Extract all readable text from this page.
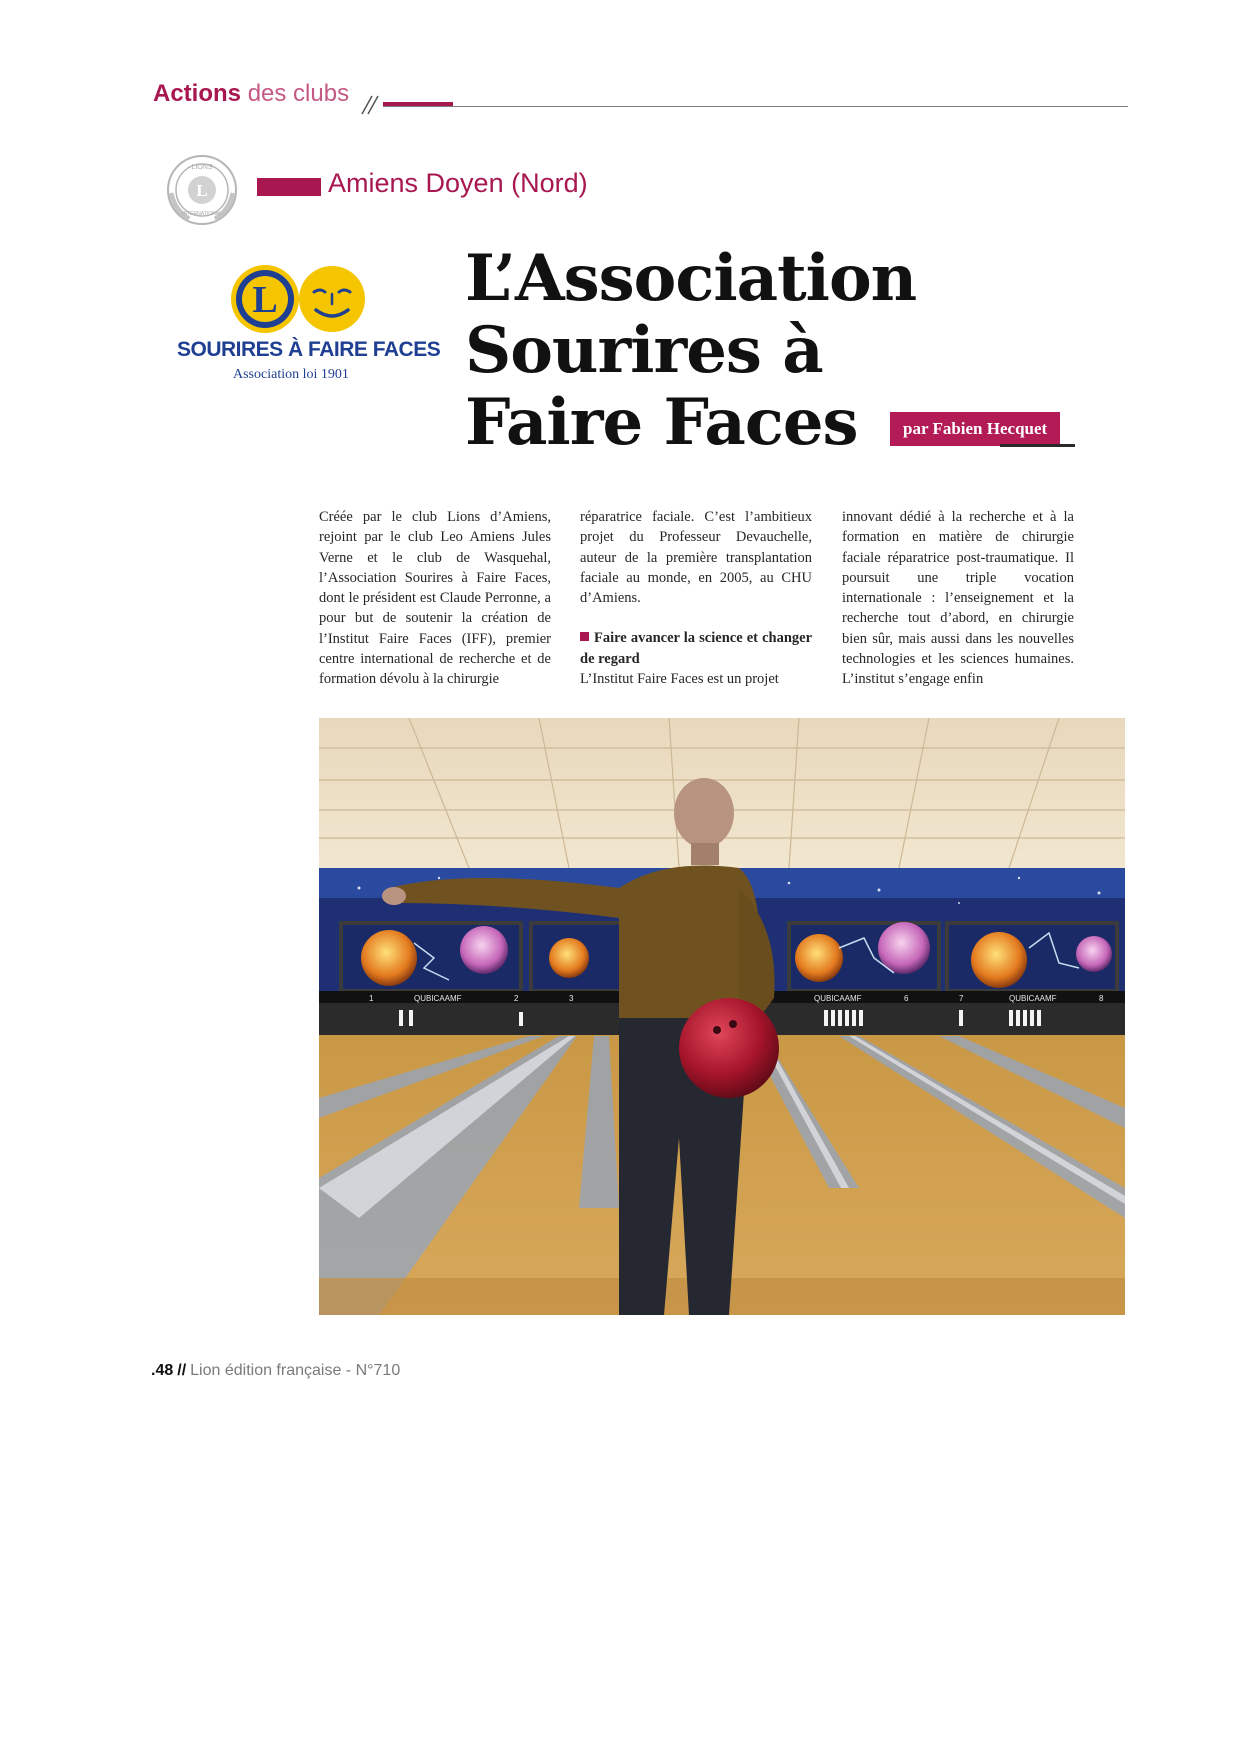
Actions des clubs
L
LIONS
INTERNATIONAL
Amiens Doyen (Nord)
L
SOURIRES À FAIRE FACES
Association loi 1901
L’Association
Sourires à
Faire Faces	par Fabien Hecquet

Créée par le club Lions d’Amiens, rejoint par le club Leo Amiens Jules Verne et le club de Wasquehal, l’Association Sourires à Faire Faces, dont le président est Claude Perronne, a pour but de soutenir la création de l’Institut Faire Faces (IFF), premier centre international de recherche et de formation dévolu à la chirurgie

réparatrice faciale. C’est l’ambitieux projet du Professeur Devauchelle, auteur de la première transplantation faciale au monde, en 2005, au CHU d’Amiens.

Faire avancer la science et changer de regard

L’Institut Faire Faces est un projet

innovant dédié à la recherche et à la formation en matière de chirurgie faciale réparatrice post-traumatique. Il poursuit une triple vocation internationale : l’enseignement et la recherche tout d’abord, en chirurgie bien sûr, mais aussi dans les nouvelles technologies et les sciences humaines. L’institut s’engage enfin

1	QUBICAAMF	2	3	QUBICAAMF	6	7	QUBICAAMF	8
.48 // Lion édition française - N°710
